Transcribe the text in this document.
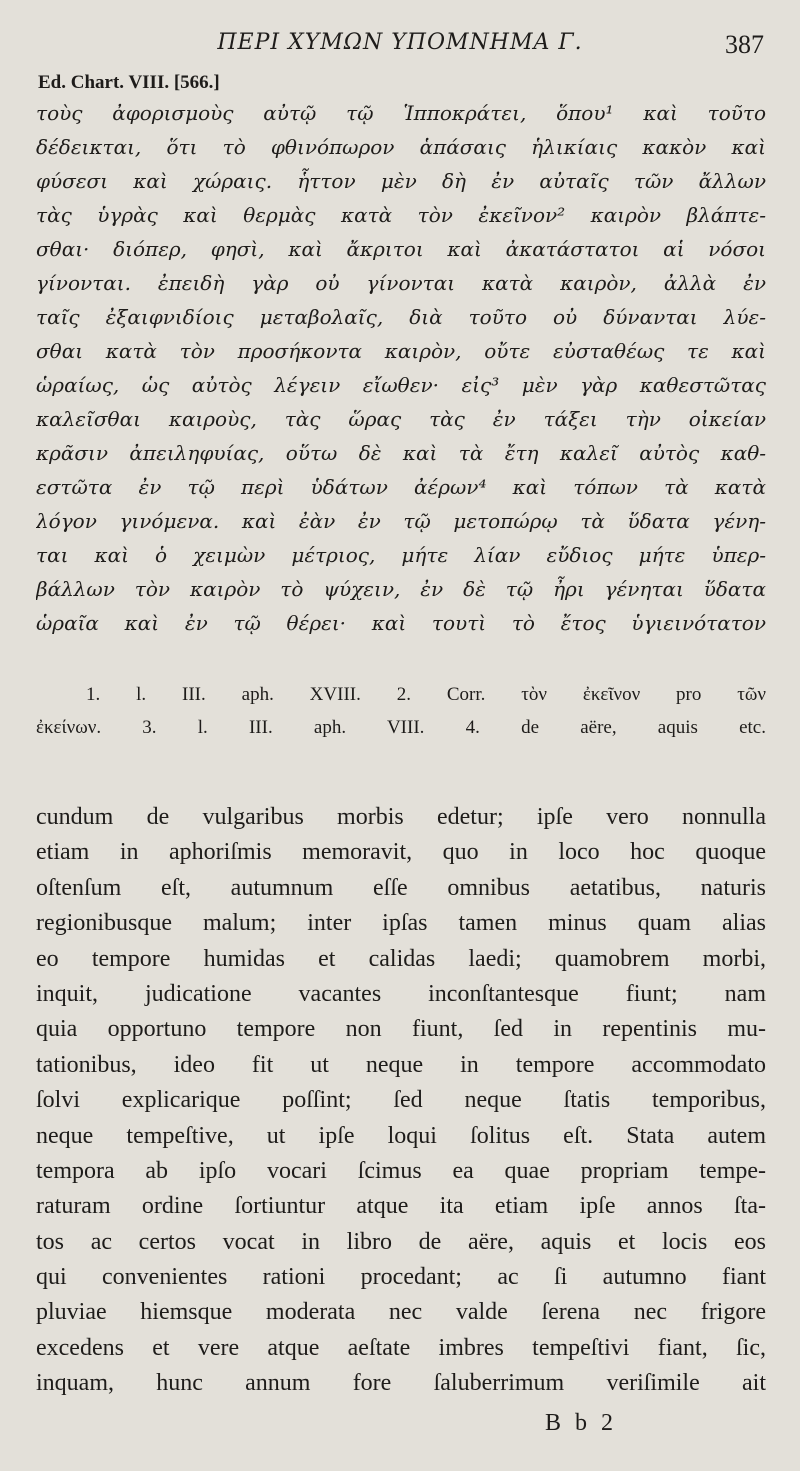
ΠΕΡΙ ΧΥΜΩΝ ΥΠΟΜΝΗΜΑ Γ.	387
Ed. Chart. VIII. [566.]
τοὺς ἀφορισμοὺς αὐτῷ τῷ Ἱπποκράτει, ὅπου¹ καὶ τοῦτο
δέδεικται, ὅτι τὸ φθινόπωρον ἁπάσαις ἡλικίαις κακὸν καὶ
φύσεσι καὶ χώραις. ἧττον μὲν δὴ ἐν αὐταῖς τῶν ἄλλων
τὰς ὑγρὰς καὶ θερμὰς κατὰ τὸν ἐκεῖνον² καιρὸν βλάπτε-
σθαι· διόπερ, φησὶ, καὶ ἄκριτοι καὶ ἀκατάστατοι αἱ νόσοι
γίνονται. ἐπειδὴ γὰρ οὐ γίνονται κατὰ καιρὸν, ἀλλὰ ἐν
ταῖς ἐξαιφνιδίοις μεταβολαῖς, διὰ τοῦτο οὐ δύνανται λύε-
σθαι κατὰ τὸν προσήκοντα καιρὸν, οὔτε εὐσταθέως τε καὶ
ὡραίως, ὡς αὐτὸς λέγειν εἴωθεν· εἰς³ μὲν γὰρ καθεστῶτας
καλεῖσθαι καιροὺς, τὰς ὥρας τὰς ἐν τάξει τὴν οἰκείαν
κρᾶσιν ἀπειληφυίας, οὕτω δὲ καὶ τὰ ἔτη καλεῖ αὐτὸς καθ-
εστῶτα ἐν τῷ περὶ ὑδάτων ἀέρων⁴ καὶ τόπων τὰ κατὰ
λόγον γινόμενα. καὶ ἐὰν ἐν τῷ μετοπώρῳ τὰ ὕδατα γένη-
ται καὶ ὁ χειμὼν μέτριος, μήτε λίαν εὔδιος μήτε ὑπερ-
βάλλων τὸν καιρὸν τὸ ψύχειν, ἐν δὲ τῷ ἦρι γένηται ὕδατα
ὡραῖα καὶ ἐν τῷ θέρει· καὶ τουτὶ τὸ ἔτος ὑγιεινότατον
1. l. III. aph. XVIII. 2. Corr. τὸν ἐκεῖνον pro τῶν
ἐκείνων. 3. l. III. aph. VIII. 4. de aëre, aquis etc.
cundum de vulgaribus morbis edetur; ipſe vero nonnulla
etiam in aphoriſmis memoravit, quo in loco hoc quoque
oſtenſum eſt, autumnum eſſe omnibus aetatibus, naturis
regionibusque malum; inter ipſas tamen minus quam alias
eo tempore humidas et calidas laedi; quamobrem morbi,
inquit, judicatione vacantes inconſtantesque fiunt; nam
quia opportuno tempore non fiunt, ſed in repentinis mu-
tationibus, ideo fit ut neque in tempore accommodato
ſolvi explicarique poſſint; ſed neque ſtatis temporibus,
neque tempeſtive, ut ipſe loqui ſolitus eſt. Stata autem
tempora ab ipſo vocari ſcimus ea quae propriam tempe-
raturam ordine ſortiuntur atque ita etiam ipſe annos ſta-
tos ac certos vocat in libro de aëre, aquis et locis eos
qui convenientes rationi procedant; ac ſi autumno fiant
pluviae hiemsque moderata nec valde ſerena nec frigore
excedens et vere atque aeſtate imbres tempeſtivi fiant, ſic,
inquam, hunc annum fore ſaluberrimum veriſimile ait
B b 2
